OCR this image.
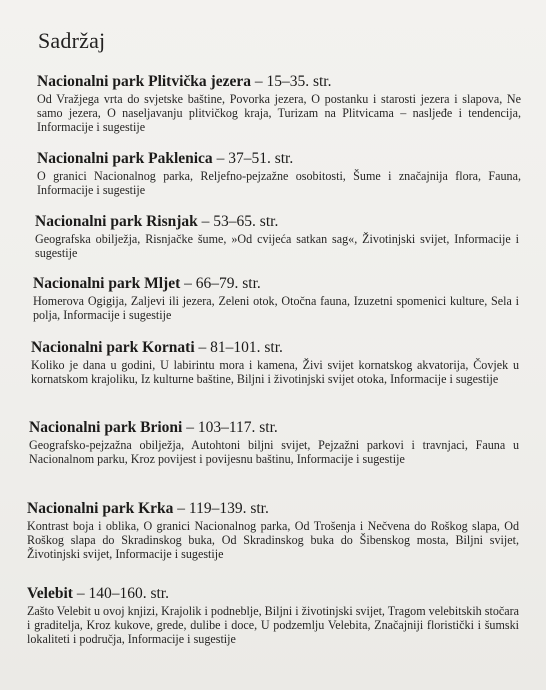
Sadržaj
Nacionalni park Plitvička jezera – 15–35. str.
Od Vražjega vrta do svjetske baštine, Povorka jezera, O postanku i starosti jezera i slapova, Ne samo jezera, O naseljavanju plitvičkog kraja, Turizam na Plitvicama – nasljeđe i tendencija, Informacije i sugestije
Nacionalni park Paklenica – 37–51. str.
O granici Nacionalnog parka, Reljefno-pejzažne osobitosti, Šume i značajnija flora, Fauna, Informacije i sugestije
Nacionalni park Risnjak – 53–65. str.
Geografska obilježja, Risnjačke šume, »Od cvijeća satkan sag«, Životinjski svijet, Informacije i sugestije
Nacionalni park Mljet – 66–79. str.
Homerova Ogigija, Zaljevi ili jezera, Zeleni otok, Otočna fauna, Izuzetni spomenici kulture, Sela i polja, Informacije i sugestije
Nacionalni park Kornati – 81–101. str.
Koliko je dana u godini, U labirintu mora i kamena, Živi svijet kornatskog akvatorija, Čovjek u kornatskom krajoliku, Iz kulturne baštine, Biljni i životinjski svijet otoka, Informacije i sugestije
Nacionalni park Brioni – 103–117. str.
Geografsko-pejzažna obilježja, Autohtoni biljni svijet, Pejzažni parkovi i travnjaci, Fauna u Nacionalnom parku, Kroz povijest i povijesnu baštinu, Informacije i sugestije
Nacionalni park Krka – 119–139. str.
Kontrast boja i oblika, O granici Nacionalnog parka, Od Trošenja i Nečvena do Roškog slapa, Od Roškog slapa do Skradinskog buka, Od Skradinskog buka do Šibenskog mosta, Biljni svijet, Životinjski svijet, Informacije i sugestije
Velebit – 140–160. str.
Zašto Velebit u ovoj knjizi, Krajolik i podneblje, Biljni i životinjski svijet, Tragom velebitskih stočara i graditelja, Kroz kukove, grede, dulibe i doce, U podzemlju Velebita, Značajniji floristički i šumski lokaliteti i područja, Informacije i sugestije
